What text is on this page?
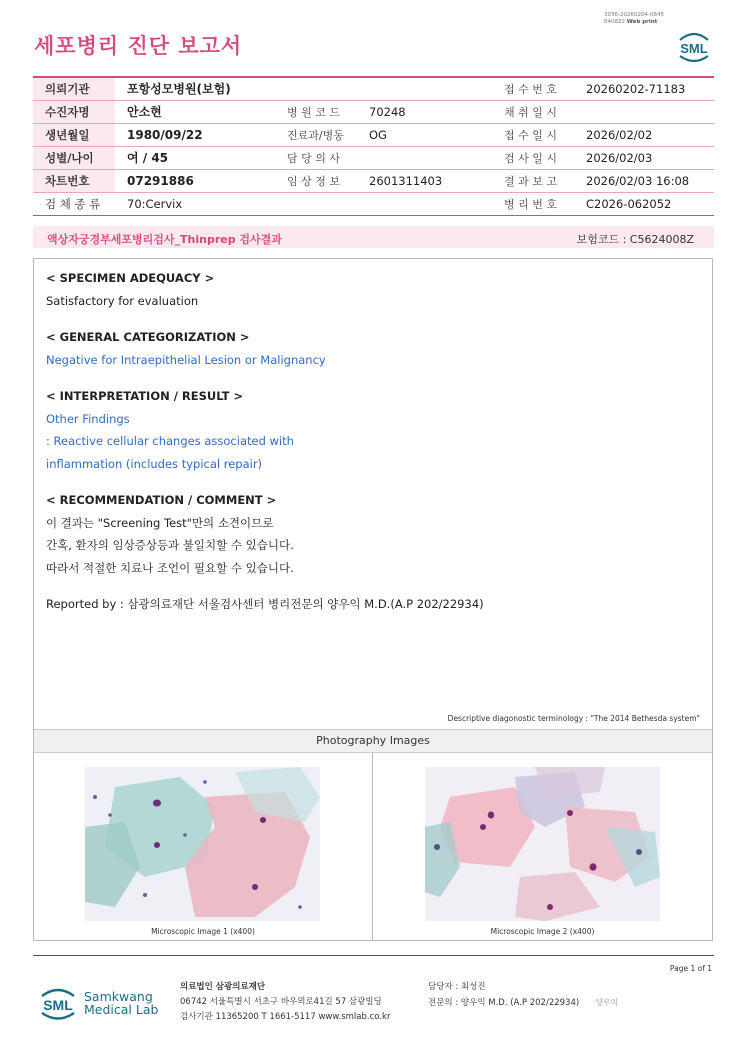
3036-20260204-0845
040822 Web print
세포병리 진단 보고서	SML
의뢰기관	포항성모병원(보험)			접 수 번 호	20260202-71183
수진자명	안소현	병 원 코 드	70248	채 취 일 시	
생년월일	1980/09/22	진료과/병동	OG	접 수 일 시	2026/02/02
성별/나이	여 / 45	담 당 의 사		검 사 일 시	2026/02/03
차트번호	07291886	임 상 정 보	2601311403	결 과 보 고	2026/02/03 16:08
검 체 종 류	70:Cervix			병 리 번 호	C2026-062052
액상자궁경부세포병리검사_Thinprep 검사결과	보험코드 : C5624008Z
< SPECIMEN ADEQUACY >
Satisfactory for evaluation
< GENERAL CATEGORIZATION >
Negative for Intraepithelial Lesion or Malignancy
< INTERPRETATION / RESULT >
Other Findings
: Reactive cellular changes associated with
inflammation (includes typical repair)
< RECOMMENDATION / COMMENT >
이 결과는 "Screening Test"만의 소견이므로
간혹, 환자의 임상증상등과 불일치할 수 있습니다.
따라서 적절한 치료나 조언이 필요할 수 있습니다.
Reported by : 삼광의료재단 서울검사센터 병리전문의 양우익 M.D.(A.P 202/22934)
Descriptive diagonostic terminology : "The 2014 Bethesda system"
Photography Images
Microscopic Image 1 (x400)	Microscopic Image 2 (x400)
Page 1 of 1
SML
Samkwang
Medical Lab
의료법인 삼광의료재단
06742 서울특별시 서초구 바우뫼로41길 57 삼광빌딩
검사기관 11365200 T 1661-5117 www.smlab.co.kr
담당자 : 최성진
전문의 : 양우익 M.D. (A.P 202/22934) 양우익
